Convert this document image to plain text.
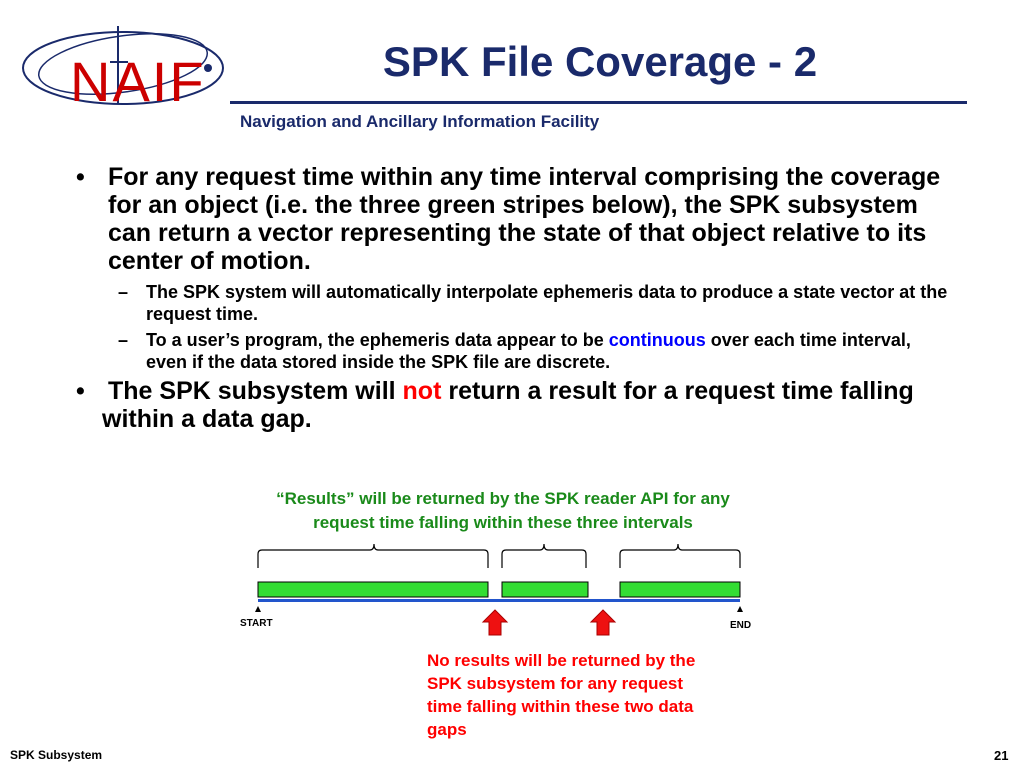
NAIF	SPK File Coverage - 2
Navigation and Ancillary Information Facility
• For any request time within any time interval comprising the coverage for an object (i.e. the three green stripes below), the SPK subsystem can return a vector representing the state of that object relative to its center of motion.
– The SPK system will automatically interpolate ephemeris data to produce a state vector at the request time.
– To a user’s program, the ephemeris data appear to be continuous over each time interval, even if the data stored inside the SPK file are discrete.
• The SPK subsystem will not return a result for a request time falling within a data gap.
“Results” will be returned by the SPK reader API for any request time falling within these three intervals
START	END
No results will be returned by the SPK subsystem for any request time falling within these two data gaps
SPK Subsystem	21
